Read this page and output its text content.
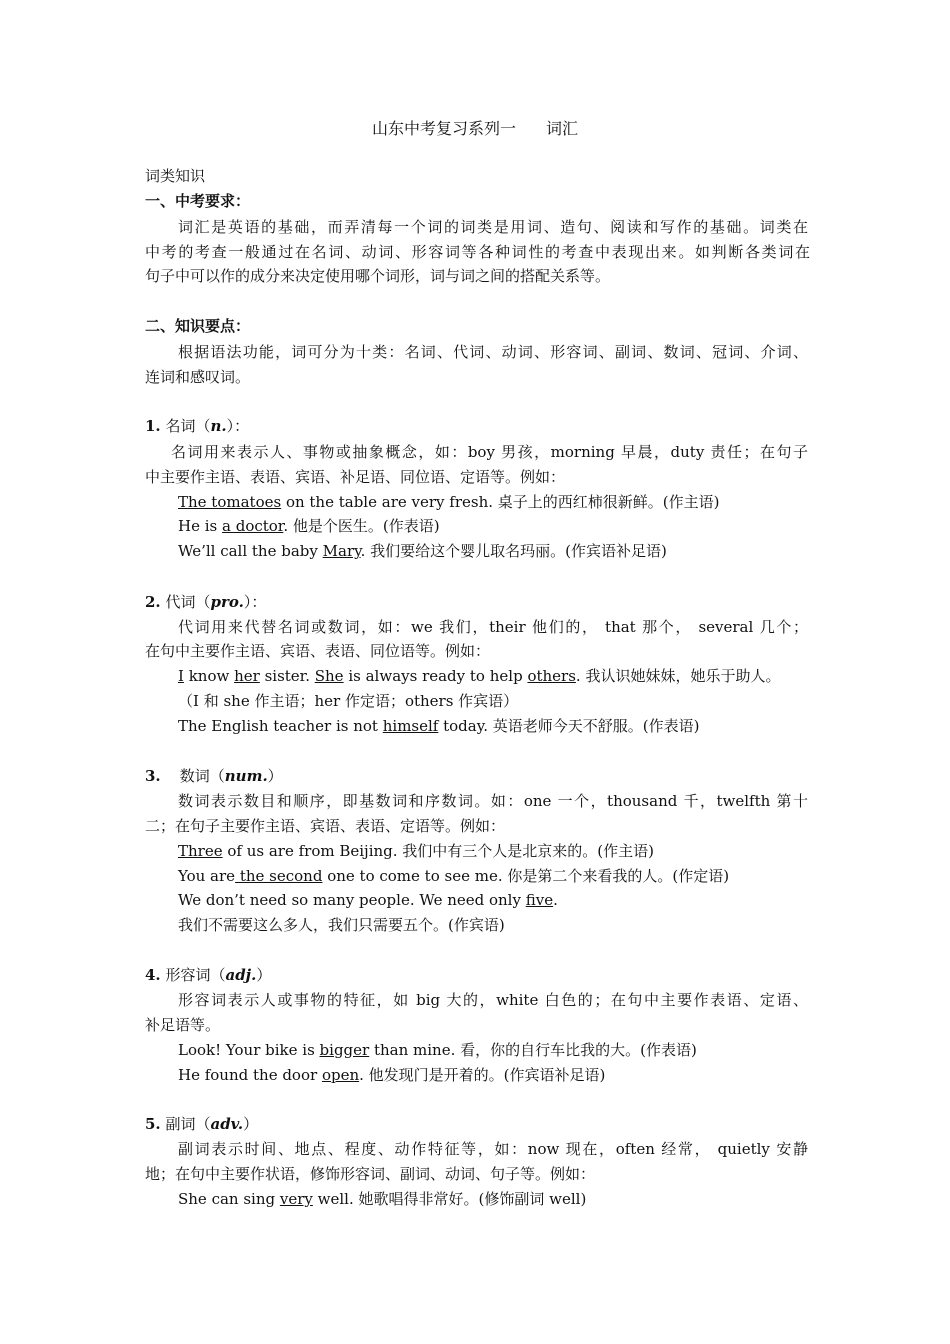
山东中考复习系列一 词汇
词类知识
一、中考要求：
词汇是英语的基础，而弄清每一个词的词类是用词、造句、阅读和写作的基础。词类在
中考的考查一般通过在名词、动词、形容词等各种词性的考查中表现出来。如判断各类词在
句子中可以作的成分来决定使用哪个词形，词与词之间的搭配关系等。
二、知识要点：
根据语法功能，词可分为十类：名词、代词、动词、形容词、副词、数词、冠词、介词、
连词和感叹词。
1. 名词（n.）：
名词用来表示人、事物或抽象概念，如：boy 男孩，morning 早晨，duty 责任；在句子
中主要作主语、表语、宾语、补足语、同位语、定语等。例如：
The tomatoes on the table are very fresh. 桌子上的西红柿很新鲜。(作主语)
He is a doctor. 他是个医生。(作表语)
We’ll call the baby Mary. 我们要给这个婴儿取名玛丽。(作宾语补足语)
2. 代词（pro.）：
代词用来代替名词或数词，如：we 我们，their 他们的， that 那个， several 几个；
在句中主要作主语、宾语、表语、同位语等。例如：
I know her sister. She is always ready to help others. 我认识她妹妹，她乐于助人。
（I 和 she 作主语；her 作定语；others 作宾语）
The English teacher is not himself today. 英语老师今天不舒服。(作表语)
3. 数词（num.）
数词表示数目和顺序，即基数词和序数词。如：one 一个，thousand 千，twelfth 第十
二；在句子主要作主语、宾语、表语、定语等。例如：
Three of us are from Beijing. 我们中有三个人是北京来的。(作主语)
You are the second one to come to see me. 你是第二个来看我的人。(作定语)
We don’t need so many people. We need only five.
我们不需要这么多人，我们只需要五个。(作宾语)
4. 形容词（adj.）
形容词表示人或事物的特征，如 big 大的，white 白色的；在句中主要作表语、定语、
补足语等。
Look! Your bike is bigger than mine. 看，你的自行车比我的大。(作表语)
He found the door open. 他发现门是开着的。(作宾语补足语)
5. 副词（adv.）
副词表示时间、地点、程度、动作特征等，如：now 现在，often 经常， quietly 安静
地；在句中主要作状语，修饰形容词、副词、动词、句子等。例如：
She can sing very well. 她歌唱得非常好。(修饰副词 well)
